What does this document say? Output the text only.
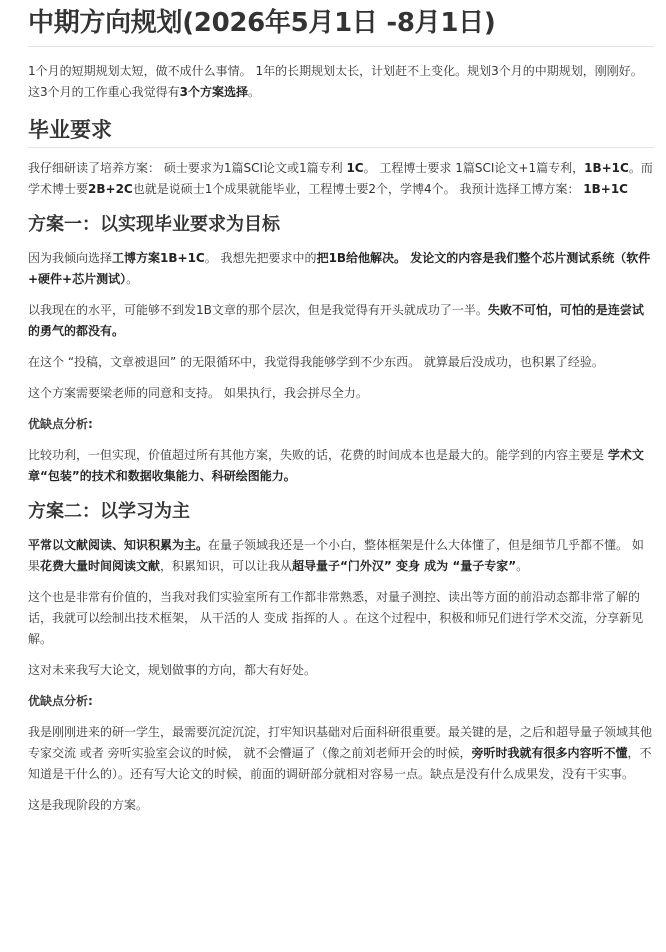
中期方向规划(2026年5月1日 -8月1日)

1个月的短期规划太短，做不成什么事情。 1年的长期规划太长，计划赶不上变化。规划3个月的中期规划，刚刚好。这3个月的工作重心我觉得有3个方案选择。

毕业要求

我仔细研读了培养方案： 硕士要求为1篇SCI论文或1篇专利 1C。 工程博士要求 1篇SCI论文+1篇专利，1B+1C。而学术博士要2B+2C也就是说硕士1个成果就能毕业，工程博士要2个，学博4个。 我预计选择工博方案： 1B+1C

方案一：以实现毕业要求为目标

因为我倾向选择工博方案1B+1C。 我想先把要求中的把1B给他解决。 发论文的内容是我们整个芯片测试系统（软件+硬件+芯片测试）。

以我现在的水平，可能够不到发1B文章的那个层次，但是我觉得有开头就成功了一半。失败不可怕，可怕的是连尝试的勇气的都没有。

在这个 “投稿，文章被退回” 的无限循环中，我觉得我能够学到不少东西。 就算最后没成功，也积累了经验。

这个方案需要梁老师的同意和支持。 如果执行，我会拼尽全力。

优缺点分析:

比较功利，一但实现，价值超过所有其他方案，失败的话，花费的时间成本也是最大的。能学到的内容主要是 学术文章“包装”的技术和数据收集能力、科研绘图能力。

方案二：以学习为主

平常以文献阅读、知识积累为主。在量子领域我还是一个小白，整体框架是什么大体懂了，但是细节几乎都不懂。 如果花费大量时间阅读文献，积累知识，可以让我从超导量子“门外汉” 变身 成为 “量子专家”。

这个也是非常有价值的，当我对我们实验室所有工作都非常熟悉，对量子测控、读出等方面的前沿动态都非常了解的话，我就可以绘制出技术框架， 从干活的人 变成 指挥的人 。在这个过程中，积极和师兄们进行学术交流，分享新见解。

这对未来我写大论文，规划做事的方向，都大有好处。

优缺点分析:

我是刚刚进来的研一学生，最需要沉淀沉淀，打牢知识基础对后面科研很重要。最关键的是，之后和超导量子领域其他专家交流 或者 旁听实验室会议的时候， 就不会懵逼了（像之前刘老师开会的时候，旁听时我就有很多内容听不懂，不知道是干什么的）。还有写大论文的时候，前面的调研部分就相对容易一点。缺点是没有什么成果发，没有干实事。

这是我现阶段的方案。
